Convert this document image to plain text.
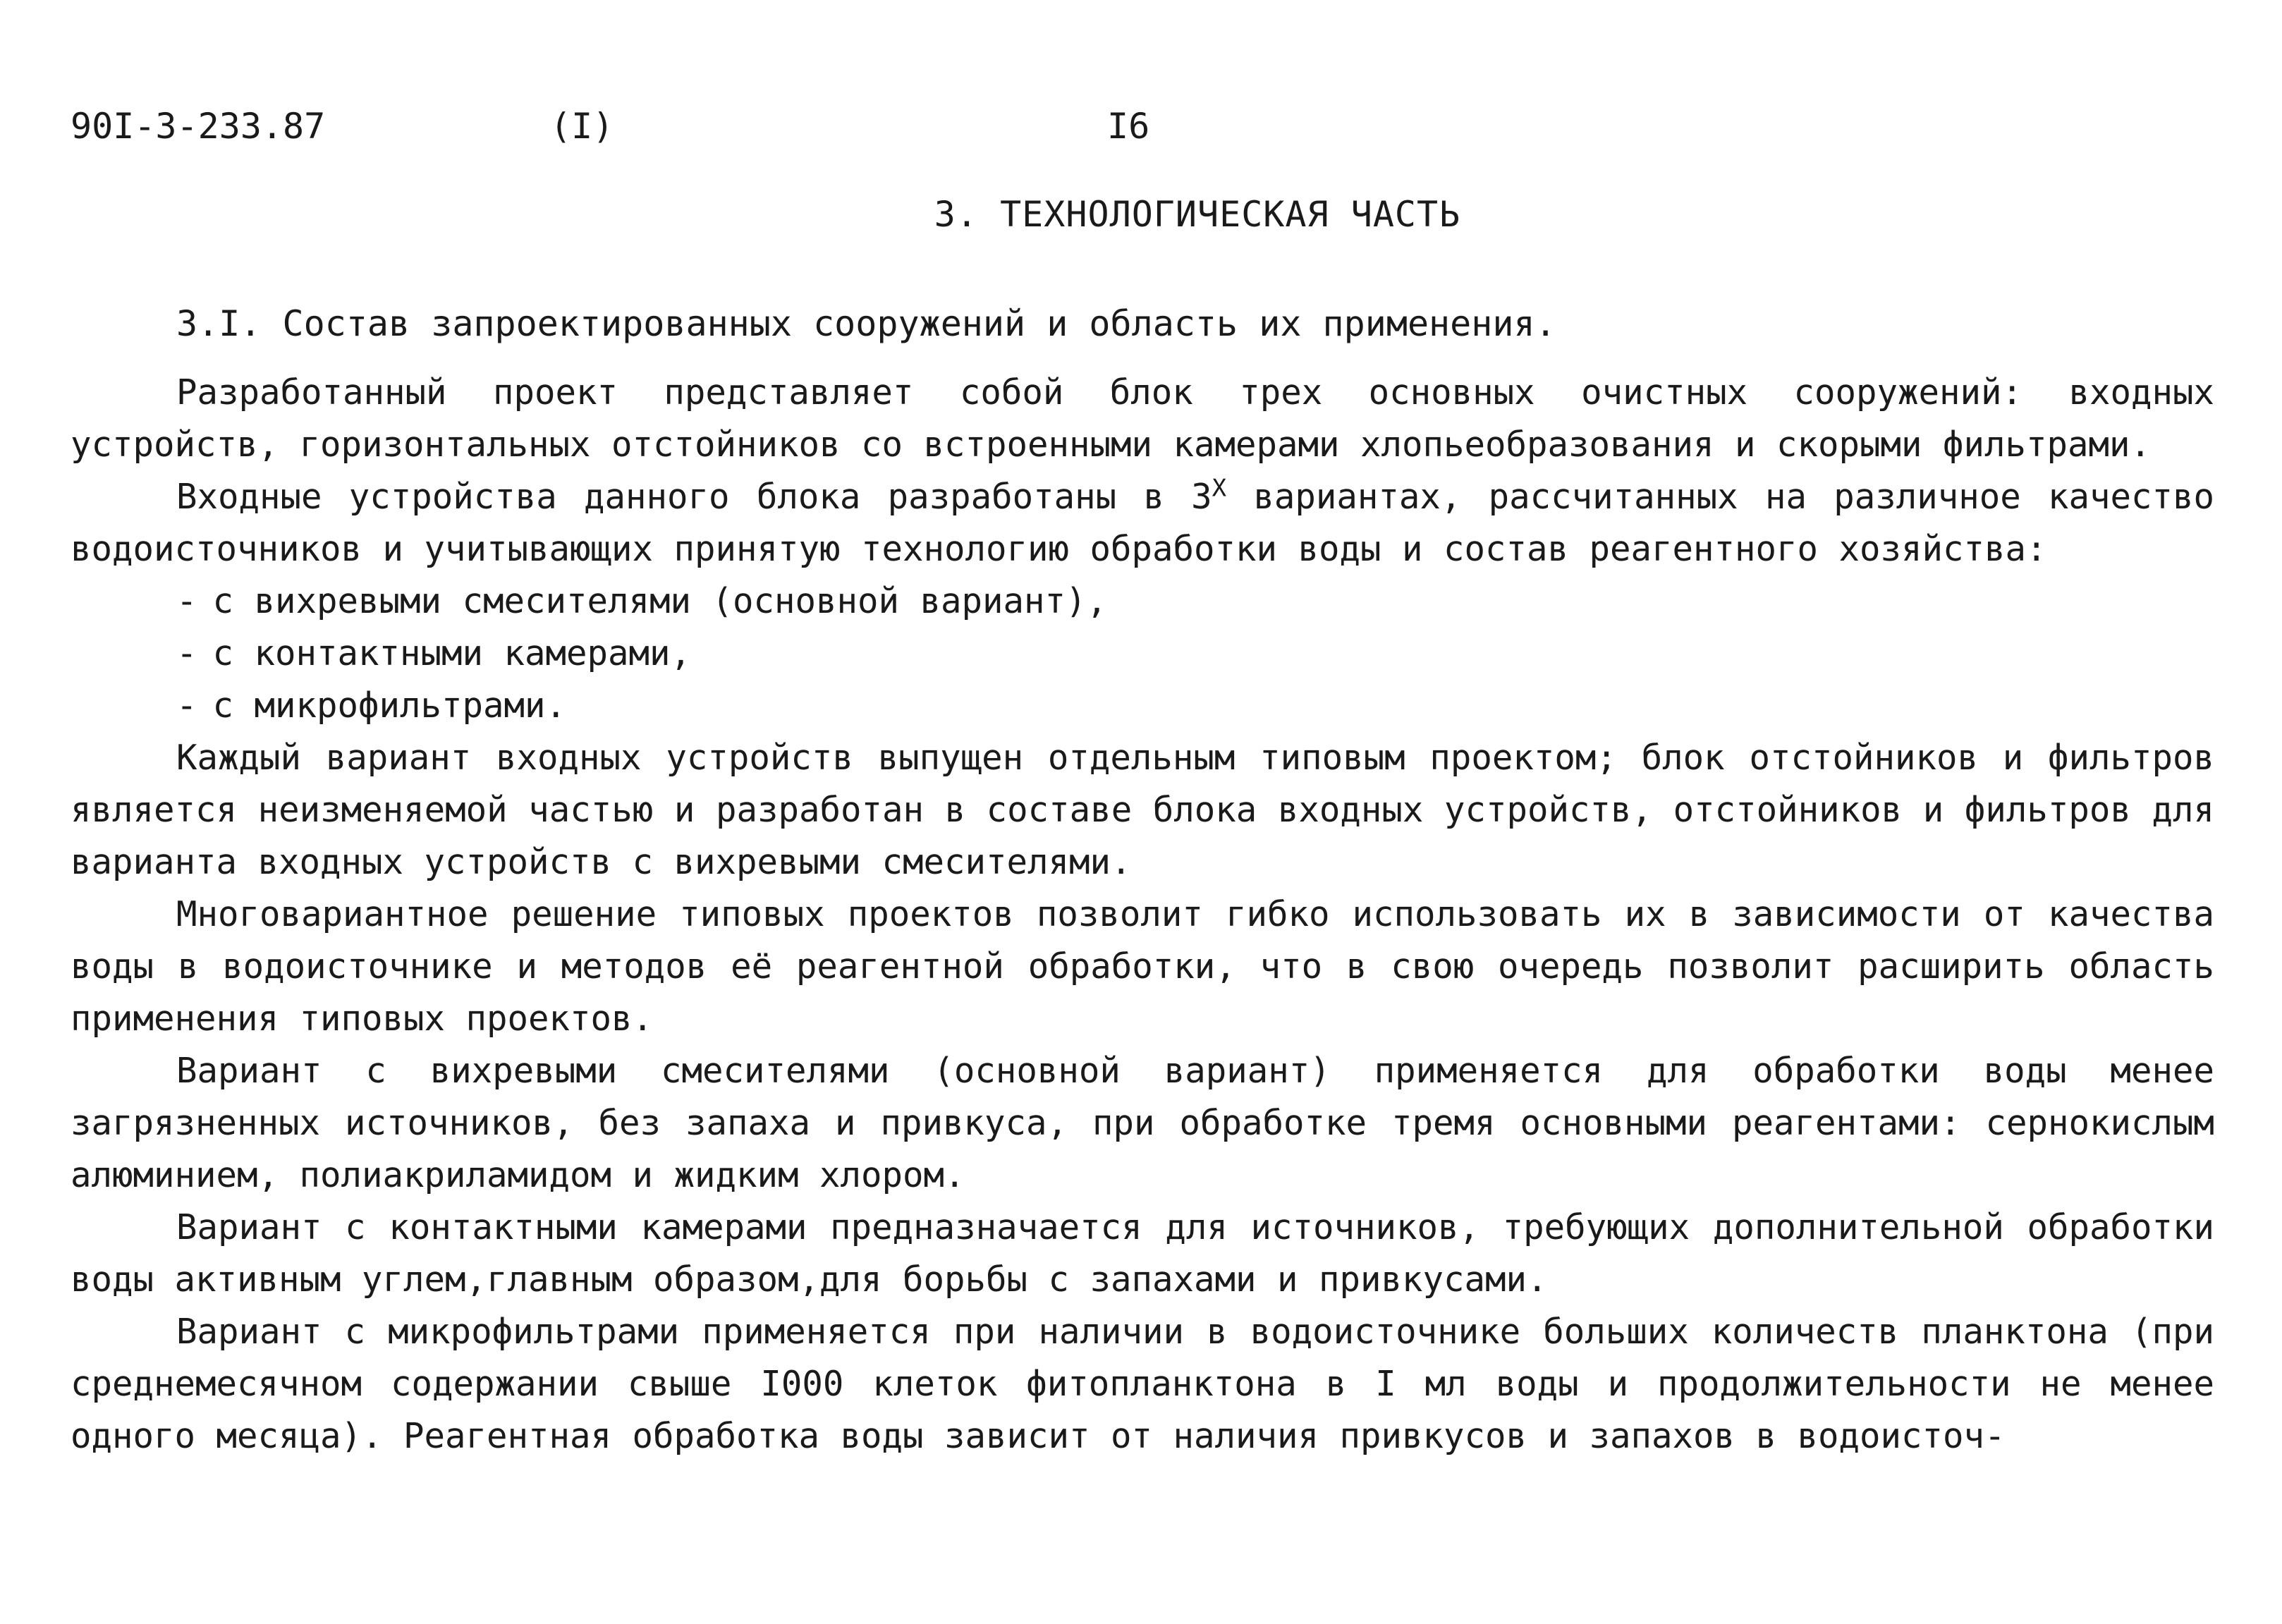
90I-3-233.87	(I)	I6
3. ТЕХНОЛОГИЧЕСКАЯ ЧАСТЬ
3.I. Состав запроектированных сооружений и область их применения.

Разработанный проект представляет собой блок трех основных очистных сооружений: входных устройств, горизонтальных отстойников со встроенными камерами хлопьеобразования и скорыми фильтрами.

Входные устройства данного блока разработаны в $3^Х$ вариантах, рассчитанных на различное качество водоисточников и учитывающих принятую технологию обработки воды и состав реагентного хозяйства:

- с вихревыми смесителями (основной вариант),
- с контактными камерами,
- с микрофильтрами.

Каждый вариант входных устройств выпущен отдельным типовым проектом; блок отстойников и фильтров является неизменяемой частью и разработан в составе блока входных устройств, отстойников и фильтров для варианта входных устройств с вихревыми смесителями.

Многовариантное решение типовых проектов позволит гибко использовать их в зависимости от качества воды в водоисточнике и методов её реагентной обработки, что в свою очередь позволит расширить область применения типовых проектов.

Вариант с вихревыми смесителями (основной вариант) применяется для обработки воды менее загрязненных источников, без запаха и привкуса, при обработке тремя основными реагентами: сернокислым алюминием, полиакриламидом и жидким хлором.

Вариант с контактными камерами предназначается для источников, требующих дополнительной обработки воды активным углем,главным образом,для борьбы с запахами и привкусами.

Вариант с микрофильтрами применяется при наличии в водоисточнике больших количеств планктона (при среднемесячном содержании свыше I000 клеток фитопланктона в I мл воды и продолжительности не менее одного месяца). Реагентная обработка воды зависит от наличия привкусов и запахов в водоисточ-
